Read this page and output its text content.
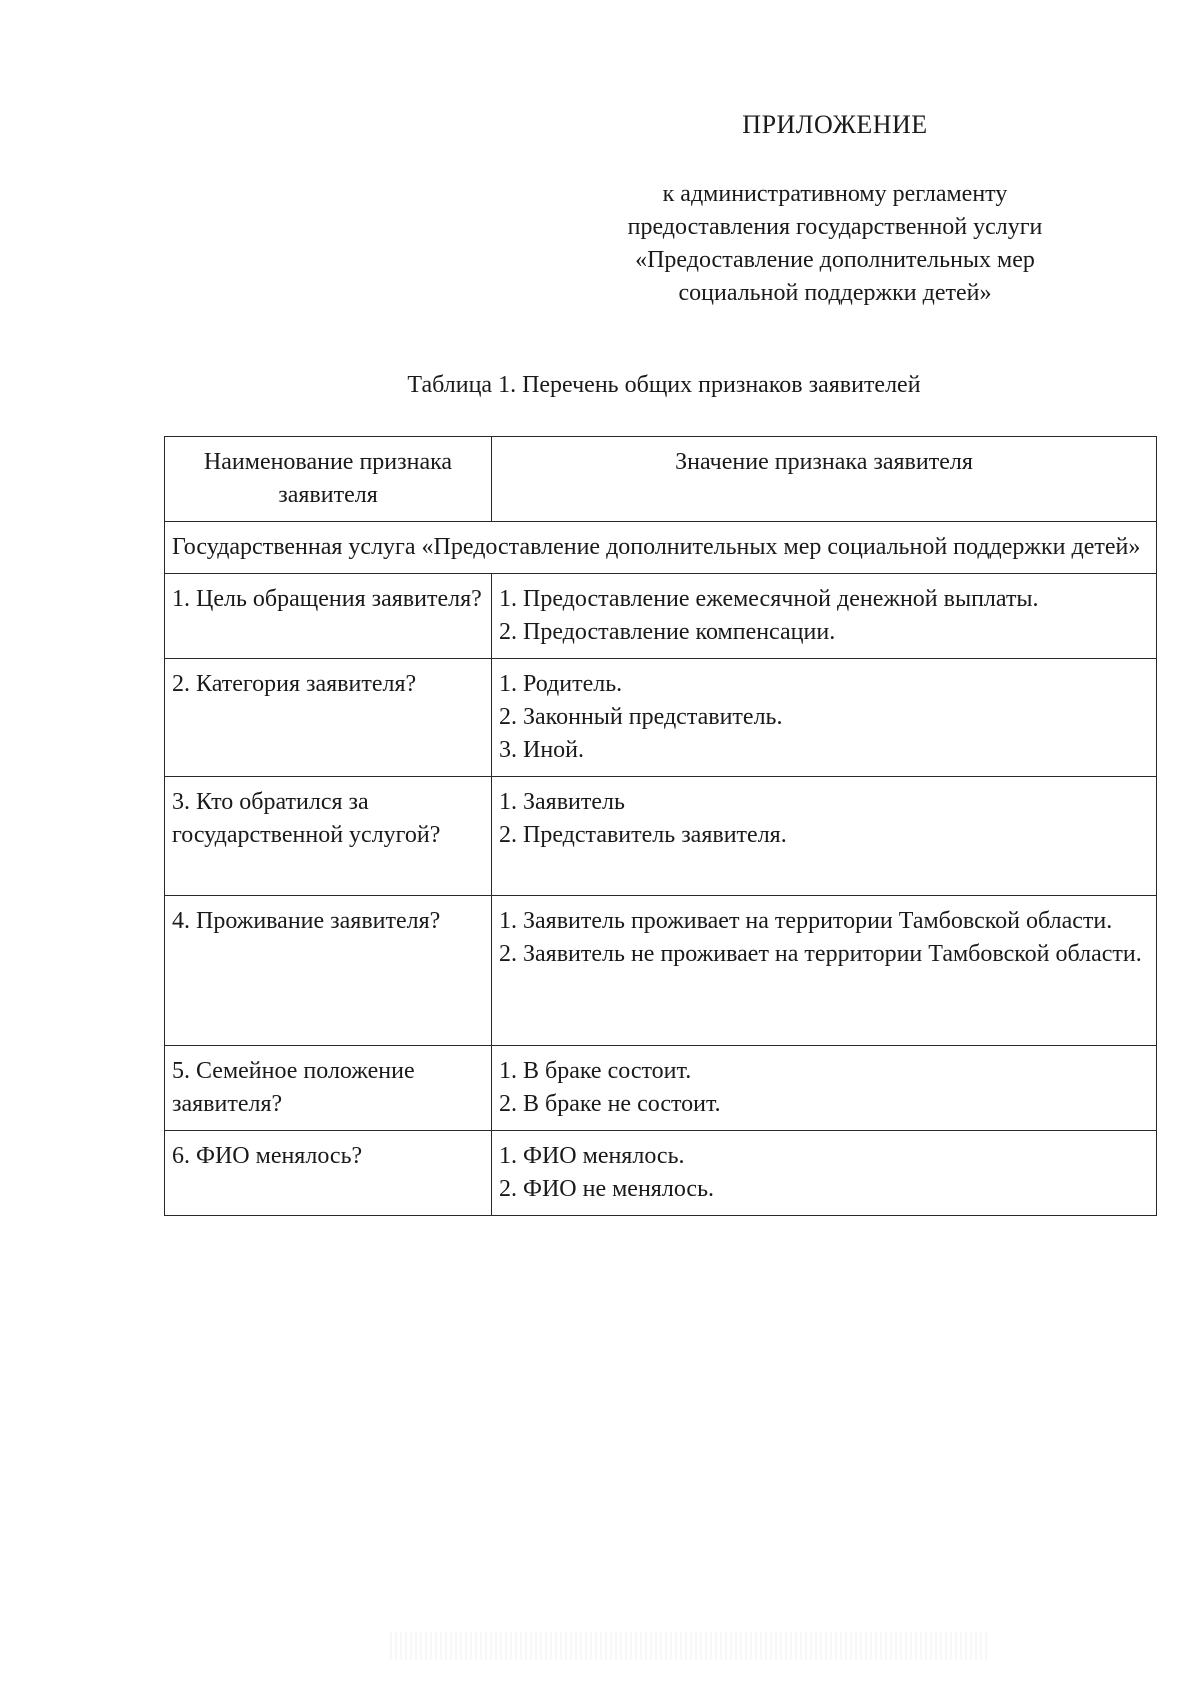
ПРИЛОЖЕНИЕ
к административному регламенту
предоставления государственной услуги
«Предоставление дополнительных мер
социальной поддержки детей»
Таблица 1. Перечень общих признаков заявителей
Наименование признака заявителя	Значение признака заявителя
Государственная услуга «Предоставление дополнительных мер социальной поддержки детей»	
1. Цель обращения заявителя?	1. Предоставление ежемесячной денежной выплаты.
2. Предоставление компенсации.

2. Категория заявителя?	1. Родитель.
2. Законный представитель.
3. Иной.

3. Кто обратился за государственной услугой?	1. Заявитель
2. Представитель заявителя.

4. Проживание заявителя?	1. Заявитель проживает на территории Тамбовской области.
2. Заявитель не проживает на территории Тамбовской области.

5. Семейное положение заявителя?	1. В браке состоит.
2. В браке не состоит.

6. ФИО менялось?	1. ФИО менялось.
2. ФИО не менялось.
